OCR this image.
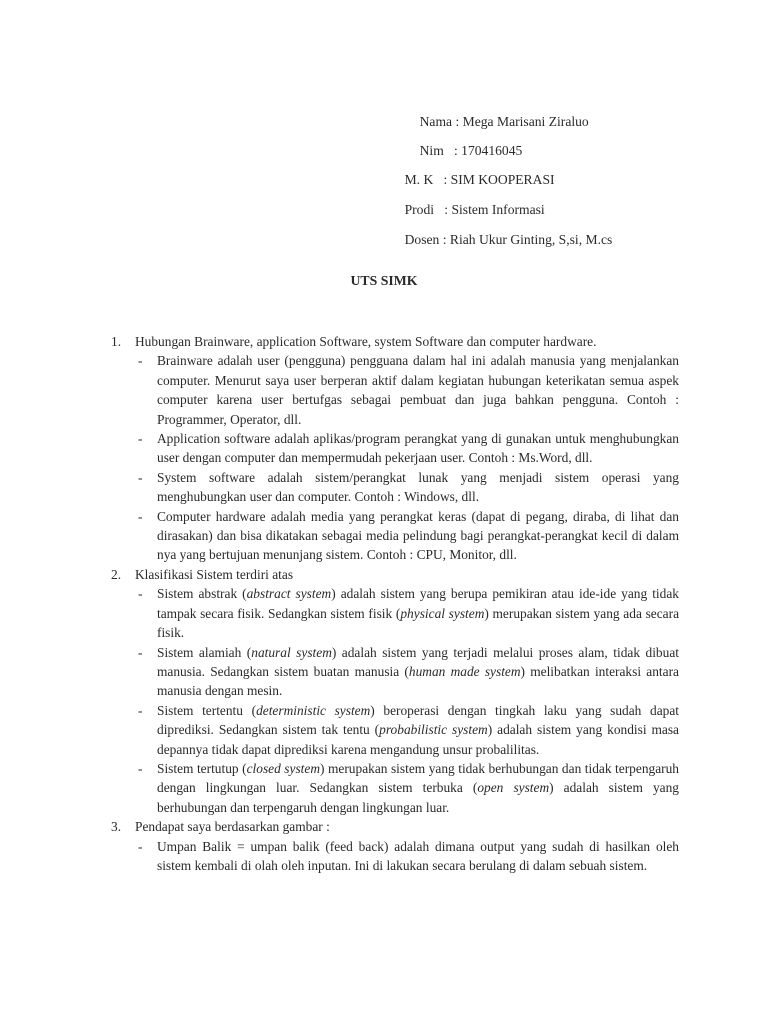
Nama : Mega Marisani Ziraluo

Nim   : 170416045

M. K   : SIM KOOPERASI

Prodi   : Sistem Informasi

Dosen : Riah Ukur Ginting, S,si, M.cs

UTS SIMK
1. Hubungan Brainware, application Software, system Software dan computer hardware.
- Brainware adalah user (pengguna) pengguana dalam hal ini adalah manusia yang menjalankan computer. Menurut saya user berperan aktif dalam kegiatan hubungan keterikatan semua aspek computer karena user bertufgas sebagai pembuat dan juga bahkan pengguna. Contoh : Programmer, Operator, dll.
- Application software adalah aplikas/program perangkat yang di gunakan untuk menghubungkan user dengan computer dan mempermudah pekerjaan user. Contoh : Ms.Word, dll.
- System software adalah sistem/perangkat lunak yang menjadi sistem operasi yang menghubungkan user dan computer. Contoh : Windows, dll.
- Computer hardware adalah media yang perangkat keras (dapat di pegang, diraba, di lihat dan dirasakan) dan bisa dikatakan sebagai media pelindung bagi perangkat-perangkat kecil di dalam nya yang bertujuan menunjang sistem. Contoh : CPU, Monitor, dll.
2. Klasifikasi Sistem terdiri atas
- Sistem abstrak (abstract system) adalah sistem yang berupa pemikiran atau ide-ide yang tidak tampak secara fisik. Sedangkan sistem fisik (physical system) merupakan sistem yang ada secara fisik.
- Sistem alamiah (natural system) adalah sistem yang terjadi melalui proses alam, tidak dibuat manusia. Sedangkan sistem buatan manusia (human made system) melibatkan interaksi antara manusia dengan mesin.
- Sistem tertentu (deterministic system) beroperasi dengan tingkah laku yang sudah dapat diprediksi. Sedangkan sistem tak tentu (probabilistic system) adalah sistem yang kondisi masa depannya tidak dapat diprediksi karena mengandung unsur probalilitas.
- Sistem tertutup (closed system) merupakan sistem yang tidak berhubungan dan tidak terpengaruh dengan lingkungan luar. Sedangkan sistem terbuka (open system) adalah sistem yang berhubungan dan terpengaruh dengan lingkungan luar.
3. Pendapat saya berdasarkan gambar :
- Umpan Balik = umpan balik (feed back) adalah dimana output yang sudah di hasilkan oleh sistem kembali di olah oleh inputan. Ini di lakukan secara berulang di dalam sebuah sistem.
